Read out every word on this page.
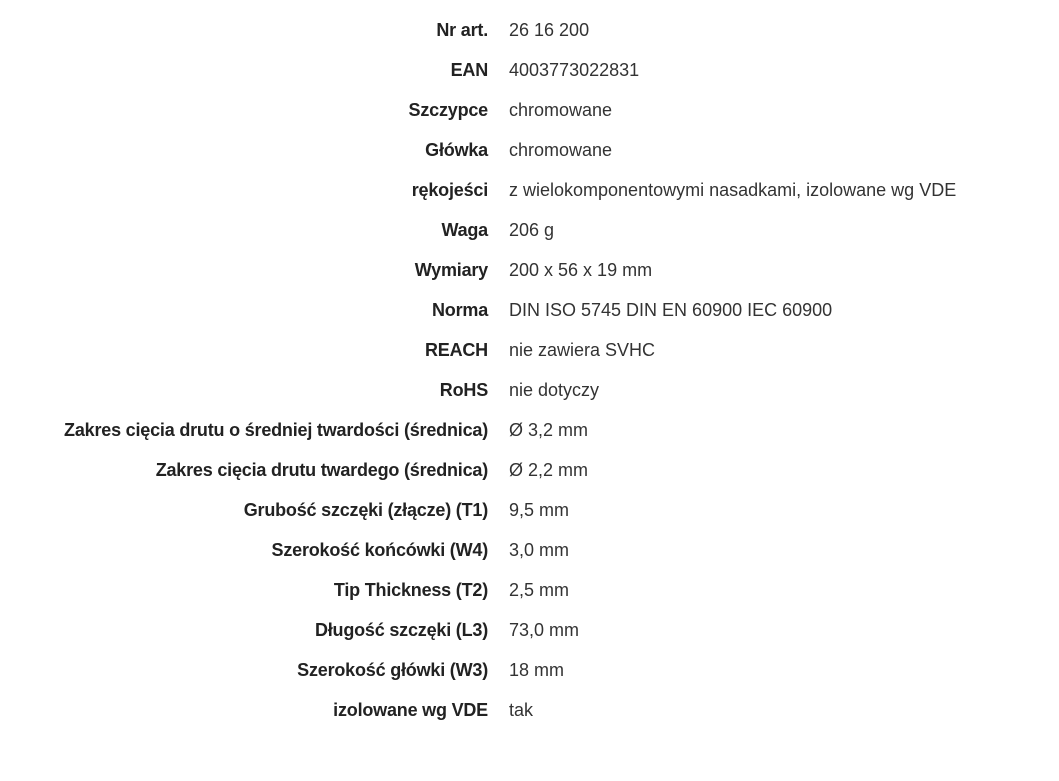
Nr art. 26 16 200
EAN 4003773022831
Szczypce chromowane
Główka chromowane
rękojeści z wielokomponentowymi nasadkami, izolowane wg VDE
Waga 206 g
Wymiary 200 x 56 x 19 mm
Norma DIN ISO 5745 DIN EN 60900 IEC 60900
REACH nie zawiera SVHC
RoHS nie dotyczy
Zakres cięcia drutu o średniej twardości (średnica) Ø 3,2 mm
Zakres cięcia drutu twardego (średnica) Ø 2,2 mm
Grubość szczęki (złącze) (T1) 9,5 mm
Szerokość końcówki (W4) 3,0 mm
Tip Thickness (T2) 2,5 mm
Długość szczęki (L3) 73,0 mm
Szerokość główki (W3) 18 mm
izolowane wg VDE tak
